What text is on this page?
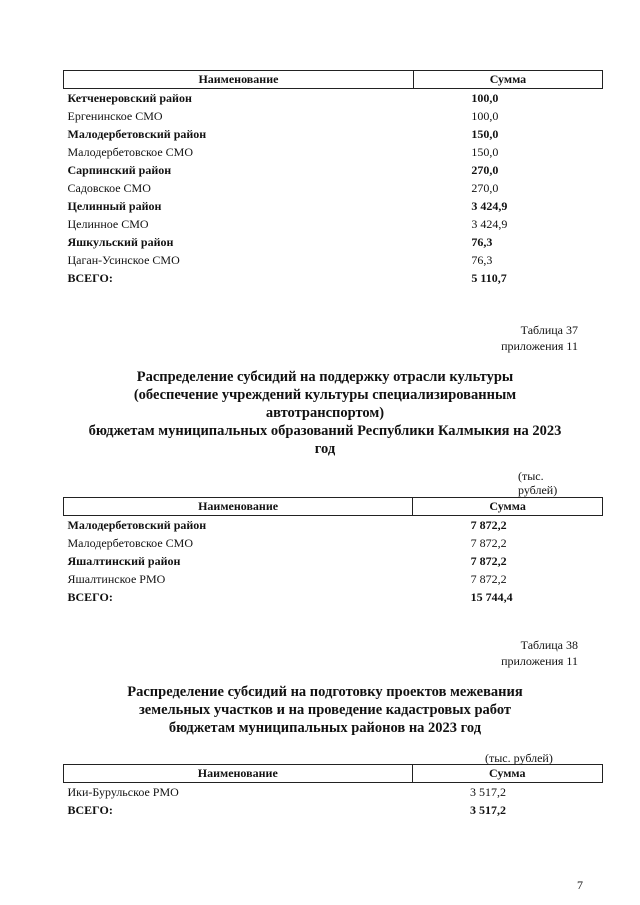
Наименование	Сумма
Кетченеровский район	100,0
Ергенинское СМО	100,0
Малодербетовский район	150,0
Малодербетовское СМО	150,0
Сарпинский район	270,0
Садовское СМО	270,0
Целинный район	3 424,9
Целинное СМО	3 424,9
Яшкульский район	76,3
Цаган-Усинское СМО	76,3
ВСЕГО:	5 110,7
Таблица 37
приложения 11
Распределение субсидий на поддержку отрасли культуры
(обеспечение учреждений культуры специализированным
автотранспортом)
бюджетам муниципальных образований Республики Калмыкия на 2023
год
(тыс.
рублей)
Наименование	Сумма
Малодербетовский район	7 872,2
Малодербетовское СМО	7 872,2
Яшалтинский район	7 872,2
Яшалтинское РМО	7 872,2
ВСЕГО:	15 744,4
Таблица 38
приложения 11
Распределение субсидий на подготовку проектов межевания
земельных участков и на проведение кадастровых работ
бюджетам муниципальных районов на 2023 год
(тыс. рублей)
Наименование	Сумма
Ики-Бурульское РМО	3 517,2
ВСЕГО:	3 517,2
7
